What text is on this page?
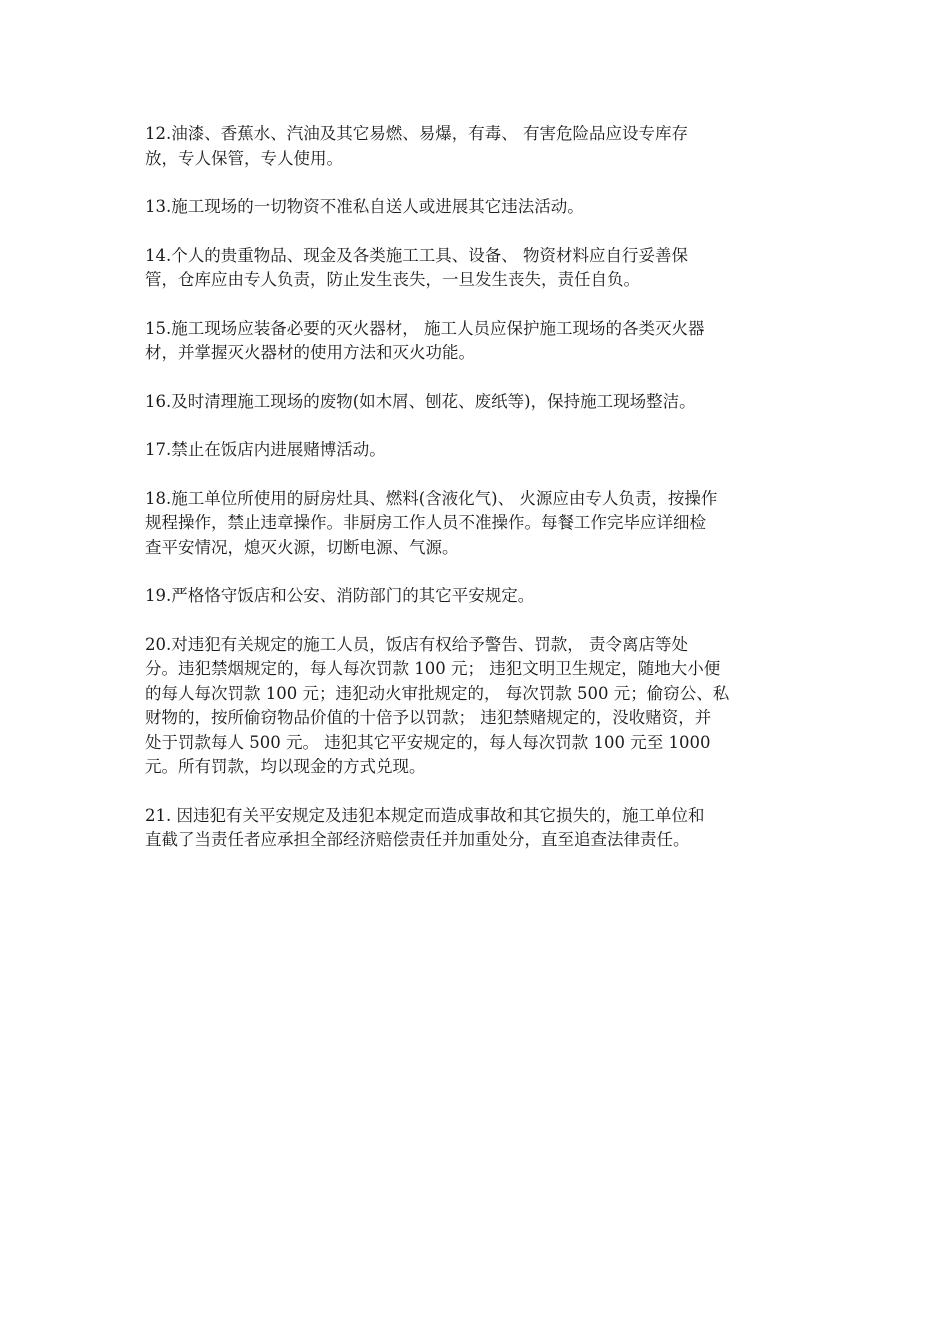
12.油漆、香蕉水、汽油及其它易燃、易爆，有毒、 有害危险品应设专库存
放，专人保管，专人使用。

13.施工现场的一切物资不准私自送人或进展其它违法活动。

14.个人的贵重物品、现金及各类施工工具、设备、 物资材料应自行妥善保
管，仓库应由专人负责，防止发生丧失，一旦发生丧失，责任自负。

15.施工现场应装备必要的灭火器材， 施工人员应保护施工现场的各类灭火器
材，并掌握灭火器材的使用方法和灭火功能。

16.及时清理施工现场的废物(如木屑、刨花、废纸等)，保持施工现场整洁。

17.禁止在饭店内进展赌博活动。

18.施工单位所使用的厨房灶具、燃料(含液化气)、 火源应由专人负责，按操作
规程操作，禁止违章操作。非厨房工作人员不准操作。每餐工作完毕应详细检
查平安情况，熄灭火源，切断电源、气源。

19.严格恪守饭店和公安、消防部门的其它平安规定。

20.对违犯有关规定的施工人员，饭店有权给予警告、罚款， 责令离店等处
分。违犯禁烟规定的，每人每次罚款 100 元； 违犯文明卫生规定，随地大小便
的每人每次罚款 100 元；违犯动火审批规定的， 每次罚款 500 元；偷窃公、私
财物的，按所偷窃物品价值的十倍予以罚款； 违犯禁赌规定的，没收赌资，并
处于罚款每人 500 元。 违犯其它平安规定的，每人每次罚款 100 元至 1000
元。所有罚款，均以现金的方式兑现。

21. 因违犯有关平安规定及违犯本规定而造成事故和其它损失的，施工单位和
直截了当责任者应承担全部经济赔偿责任并加重处分，直至追查法律责任。
